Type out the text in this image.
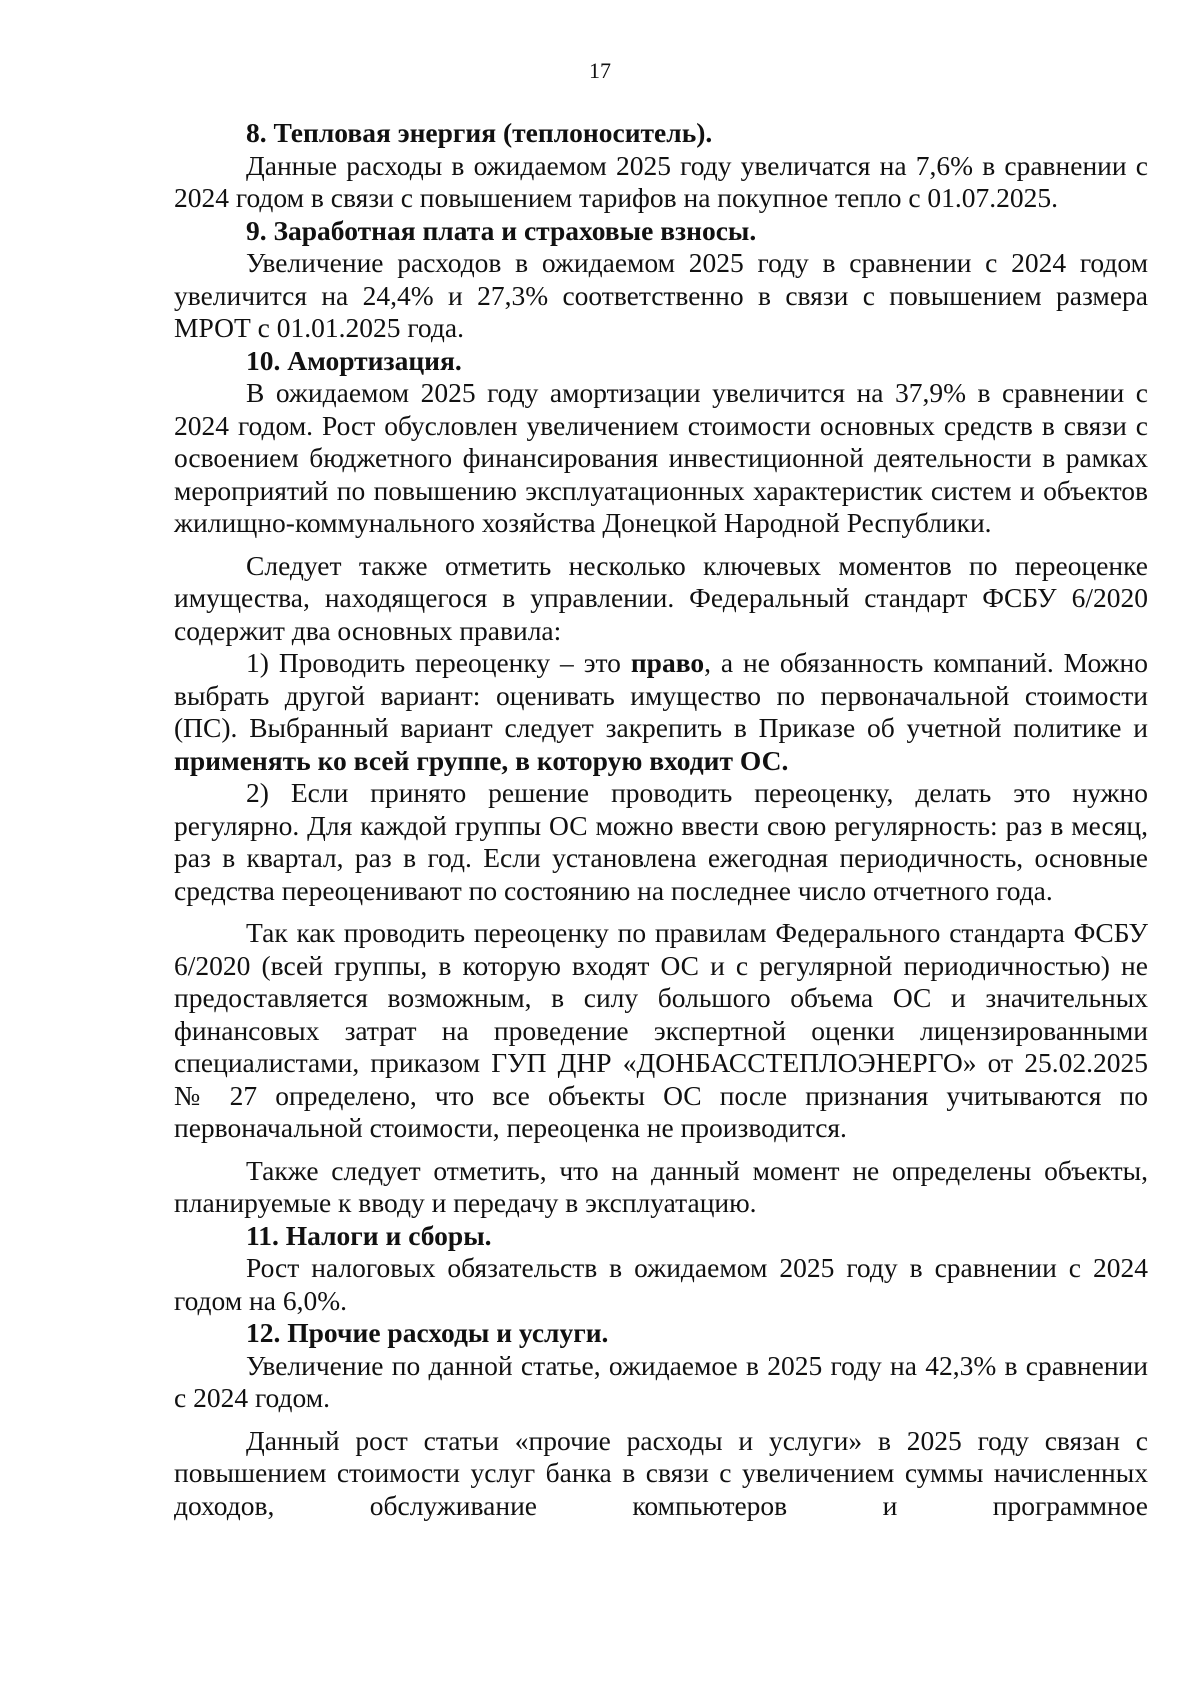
17

8. Тепловая энергия (теплоноситель).

Данные расходы в ожидаемом 2025 году увеличатся на 7,6% в сравнении с 2024 годом в связи с повышением тарифов на покупное тепло с 01.07.2025.

9. Заработная плата и страховые взносы.

Увеличение расходов в ожидаемом 2025 году в сравнении с 2024 годом увеличится на 24,4% и 27,3% соответственно в связи с повышением размера МРОТ с 01.01.2025 года.

10. Амортизация.

В ожидаемом 2025 году амортизации увеличится на 37,9% в сравнении с 2024 годом. Рост обусловлен увеличением стоимости основных средств в связи с освоением бюджетного финансирования инвестиционной деятельности в рамках мероприятий по повышению эксплуатационных характеристик систем и объектов жилищно-коммунального хозяйства Донецкой Народной Республики.

Следует также отметить несколько ключевых моментов по переоценке имущества, находящегося в управлении. Федеральный стандарт ФСБУ 6/2020 содержит два основных правила:

1) Проводить переоценку – это право, а не обязанность компаний. Можно выбрать другой вариант: оценивать имущество по первоначальной стоимости (ПС). Выбранный вариант следует закрепить в Приказе об учетной политике и применять ко всей группе, в которую входит ОС.

2) Если принято решение проводить переоценку, делать это нужно регулярно. Для каждой группы ОС можно ввести свою регулярность: раз в месяц, раз в квартал, раз в год. Если установлена ежегодная периодичность, основные средства переоценивают по состоянию на последнее число отчетного года.

Так как проводить переоценку по правилам Федерального стандарта ФСБУ 6/2020 (всей группы, в которую входят ОС и с регулярной периодичностью) не предоставляется возможным, в силу большого объема ОС и значительных финансовых затрат на проведение экспертной оценки лицензированными специалистами, приказом ГУП ДНР «ДОНБАССТЕПЛОЭНЕРГО» от 25.02.2025 № 27 определено, что все объекты ОС после признания учитываются по первоначальной стоимости, переоценка не производится.

Также следует отметить, что на данный момент не определены объекты, планируемые к вводу и передачу в эксплуатацию.

11. Налоги и сборы.

Рост налоговых обязательств в ожидаемом 2025 году в сравнении с 2024 годом на 6,0%.

12. Прочие расходы и услуги.

Увеличение по данной статье, ожидаемое в 2025 году на 42,3% в сравнении с 2024 годом.

Данный рост статьи «прочие расходы и услуги» в 2025 году связан с повышением стоимости услуг банка в связи с увеличением суммы начисленных доходов, обслуживание компьютеров и программное
